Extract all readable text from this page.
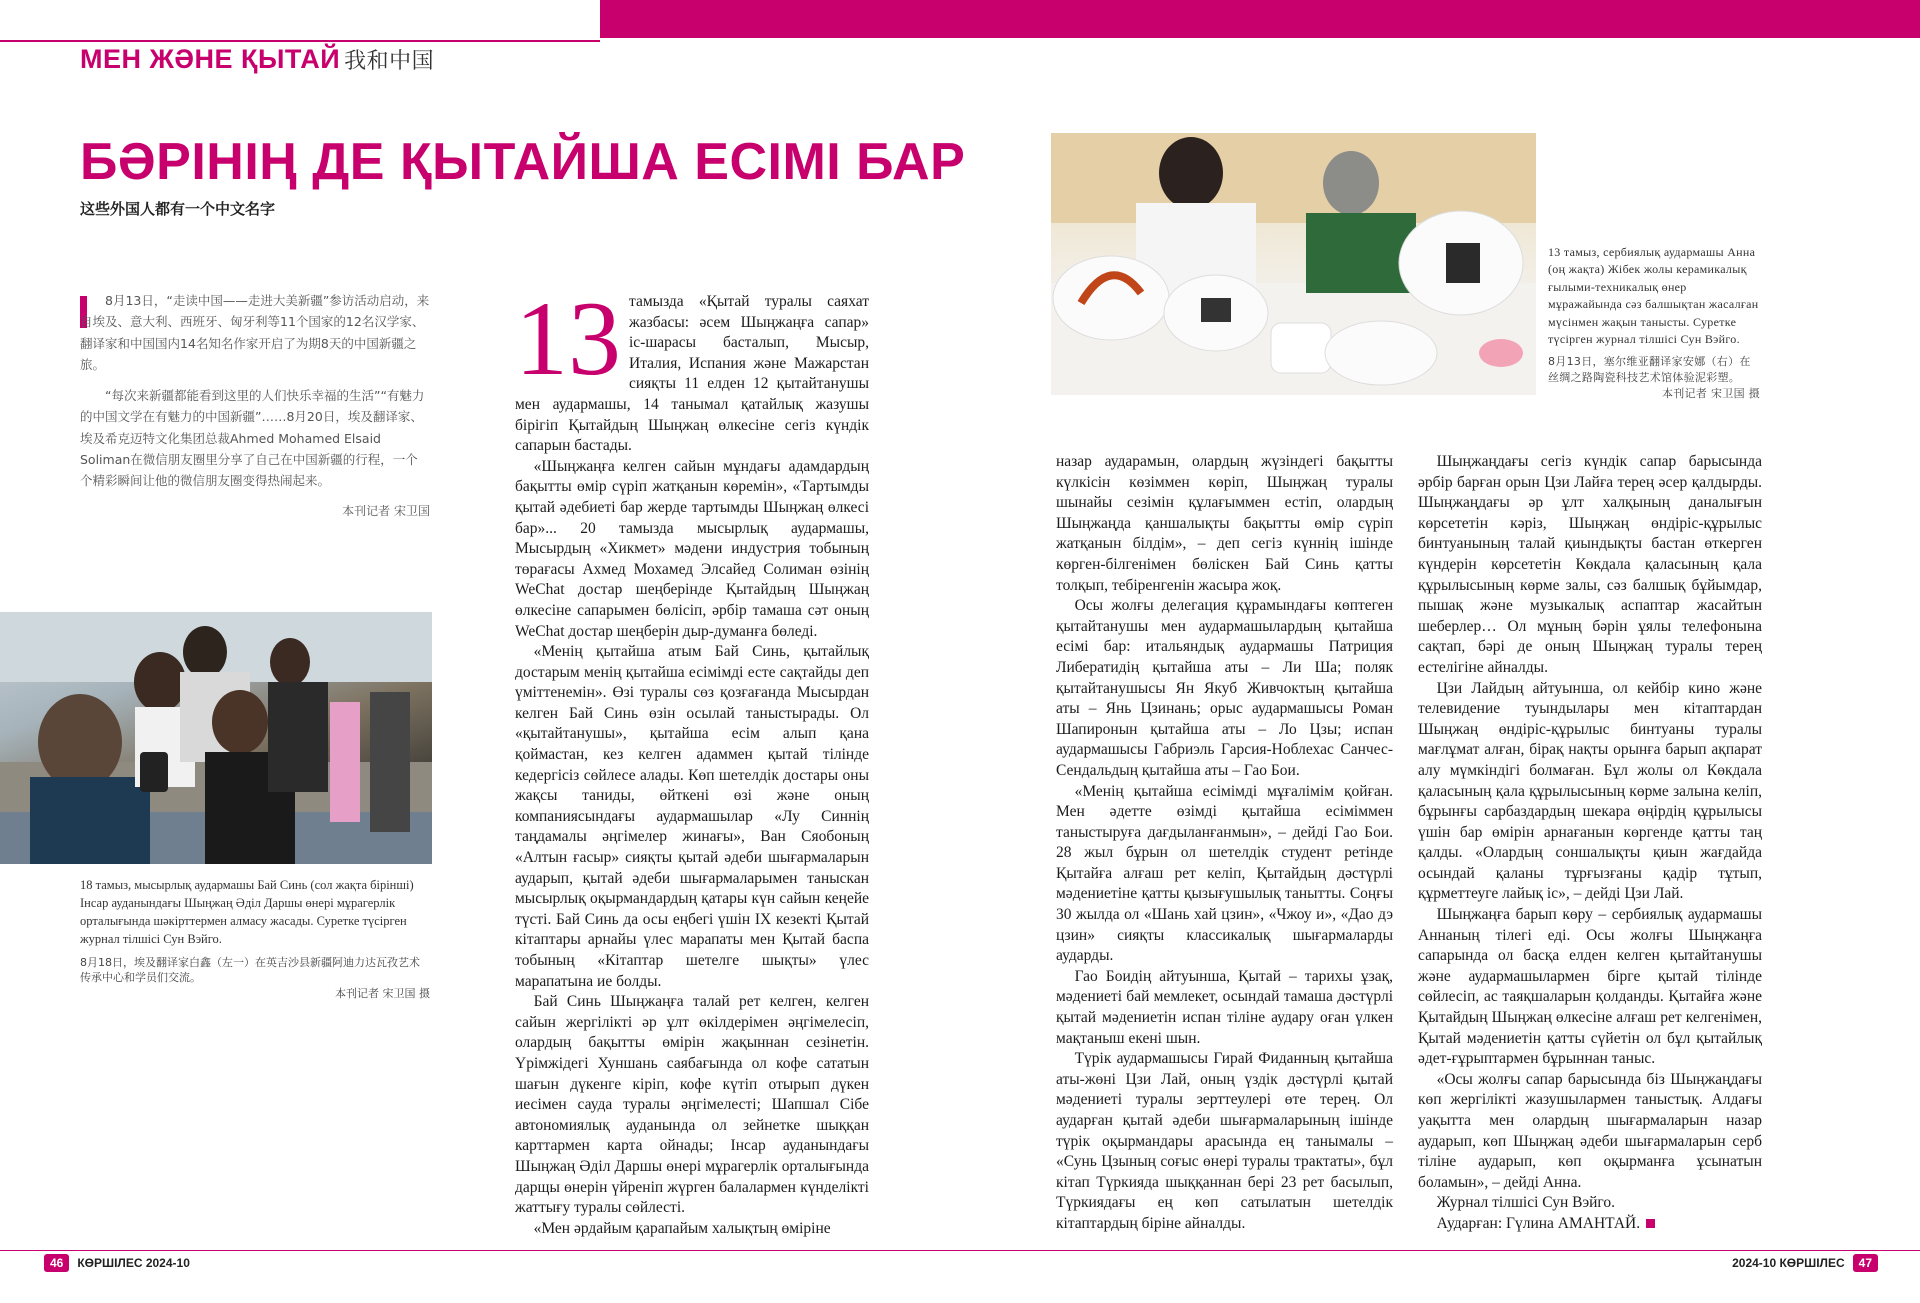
МЕН ЖӘНЕ ҚЫТАЙ 我和中国
БӘРІНІҢ ДЕ ҚЫТАЙША ЕСІМІ БАР
这些外国人都有一个中文名字

8月13日，“走读中国——走进大美新疆”参访活动启动，来自埃及、意大利、西班牙、匈牙利等11个国家的12名汉学家、翻译家和中国国内14名知名作家开启了为期8天的中国新疆之旅。

“每次来新疆都能看到这里的人们快乐幸福的生活”“有魅力的中国文学在有魅力的中国新疆”……8月20日，埃及翻译家、埃及希克迈特文化集团总裁Ahmed Mohamed Elsaid Soliman在微信朋友圈里分享了自己在中国新疆的行程，一个个精彩瞬间让他的微信朋友圈变得热闹起来。

本刊记者 宋卫国
18 тамыз, мысырлық аудармашы Бай Синь (сол жақта біріншi) Інсар ауданындағы Шыңжаң Әділ Даршы өнері мұрагерлік орталығында шәкірттермен алмасу жасады. Суретке түсірген журнал тілшісі Сун Вэйго.
8月18日，埃及翻译家白鑫（左一）在英吉沙县新疆阿迪力达瓦孜艺术传承中心和学员们交流。
本刊记者 宋卫国 摄
13 тамыз, сербиялық аудармашы Анна (оң жақта) Жібек жолы керамикалық ғылыми-техникалық өнер мұражайында сәз балшықтан жасалған мүсінмен жақын танысты. Суретке түсірген журнал тілшісі Сун Вэйго.
8月13日，塞尔维亚翻译家安娜（右）在丝绸之路陶瓷科技艺术馆体验泥彩塑。
本刊记者 宋卫国 摄
13 тамызда «Қытай туралы саяхат жазбасы: әсем Шыңжаңға сапар» іс-шарасы басталып, Мысыр, Италия, Испания және Мажарстан сияқты 11 елден 12 қытайтанушы мен аудармашы, 14 танымал қатайлық жазушы бірігіп Қытайдың Шыңжаң өлкесіне сегіз күндік сапарын бастады.

«Шыңжаңға келген сайын мұндағы адамдардың бақытты өмір сүріп жатқанын көремін», «Тартымды қытай әдебиеті бар жерде тартымды Шыңжаң өлкесі бар»... 20 тамызда мысырлық аудармашы, Мысырдың «Хикмет» мәдени индустрия тобының төрағасы Ахмед Мохамед Элсайед Солиман өзінің WeChat достар шеңберінде Қытайдың Шыңжаң өлкесіне сапарымен бөлісіп, әрбір тамаша сәт оның WeChat достар шеңберін дыр-думанға бөледі.

«Менің қытайша атым Бай Синь, қытайлық достарым менің қытайша есімімді есте сақтайды деп үміттенемін». Өзі туралы сөз қозғағанда Мысырдан келген Бай Синь өзін осылай таныстырады. Ол «қытайтанушы», қытайша есім алып қана қоймастан, кез келген адаммен қытай тілінде кедергісіз сөйлесе алады. Көп шетелдік достары оны жақсы таниды, өйткені өзі және оның компаниясындағы аудармашылар «Лу Синнің таңдамалы әңгімелер жинағы», Ван Сяобоның «Алтын ғасыр» сияқты қытай әдеби шығармаларын аударып, қытай әдеби шығармаларымен таныскан мысырлық оқырмандардың қатары күн сайын кеңейе түсті. Бай Синь да осы еңбегі үшін IX кезекті Қытай кітаптары арнайы үлес марапаты мен Қытай баспа тобының «Кітаптар шетелге шықты» үлес марапатына ие болды.

Бай Синь Шыңжаңға талай рет келген, келген сайын жергілікті әр ұлт өкілдерімен әңгімелесіп, олардың бақытты өмірін жақыннан сезінетін. Үрімжідегі Хуншань саябағында ол кофе сататын шағын дүкенге кіріп, кофе күтіп отырып дүкен иесімен сауда туралы әңгімелесті; Шапшал Сібе автономиялық ауданында ол зейнетке шыққан карттармен карта ойнады; Інсар ауданындағы Шыңжаң Әділ Даршы өнері мұрагерлік орталығында дарщы өнерін үйреніп жүрген балалармен күнделікті жаттығу туралы сөйлесті.

«Мен әрдайым қарапайым халықтың өміріне

назар аударамын, олардың жүзіндегі бақытты күлкісін көзіммен көріп, Шыңжаң туралы шынайы сезімін құлағыммен естіп, олардың Шыңжаңда қаншалықты бақытты өмір сүріп жатқанын білдім», – деп сегіз күннің ішінде көрген-білгенімен бөліскен Бай Синь қатты толқып, тебіренгенін жасыра жоқ.

Осы жолғы делегация құрамындағы көптеген қытайтанушы мен аудармашылардың қытайша есімі бар: итальяндық аудармашы Патриция Либератидің қытайша аты – Ли Ша; поляк қытайтанушысы Ян Якуб Живчоктың қытайша аты – Янь Цзинань; орыс аудармашысы Роман Шапиронын қытайша аты – Ло Цзы; испан аудармашысы Габриэль Гарсия-Ноблехас Санчес-Сендальдың қытайша аты – Гао Бои.

«Менің қытайша есімімді мұғалімім қойған. Мен әдетте өзімді қытайша есіміммен таныстыруға дағдыланғанмын», – дейді Гао Бои. 28 жыл бұрын ол шетелдік студент ретінде Қытайға алғаш рет келіп, Қытайдың дәстүрлі мәдениетіне қатты қызығушылық танытты. Соңғы 30 жылда ол «Шань хай цзин», «Чжоу и», «Дао дэ цзин» сияқты классикалық шығармаларды аударды.

Гао Боидің айтуынша, Қытай – тарихы ұзақ, мәдениеті бай мемлекет, осындай тамаша дәстүрлі қытай мәдениетін испан тіліне аудару оған үлкен мақтаныш екені шын.

Түрік аудармашысы Гирай Фиданның қытайша аты-жөні Цзи Лай, оның үздік дәстүрлі қытай мәдениеті туралы зерттеулері өте терең. Ол аударған қытай әдеби шығармаларының ішінде түрік оқырмандары арасында ең танымалы – «Сунь Цзының соғыс өнері туралы трактаты», бұл кітап Түркияда шыққаннан бері 23 рет басылып, Түркиядағы ең көп сатылатын шетелдік кітаптардың біріне айналды.

Шыңжаңдағы сегіз күндік сапар барысында әрбір барған орын Цзи Лайға терең әсер қалдырды. Шыңжаңдағы әр ұлт халқының даналығын көрсететін кәріз, Шыңжаң өндіріс-құрылыс бинтуанының талай қиындықты бастан өткерген күндерін көрсететін Көкдала қаласының қала құрылысының көрме залы, сәз балшық бұйымдар, пышақ және музыкалық аспаптар жасайтын шеберлер… Ол мұның бәрін ұялы телефонына сақтап, бәрі де оның Шыңжаң туралы терең естелігіне айналды.

Цзи Лайдың айтуынша, ол кейбір кино және телевидение туындылары мен кітаптардан Шыңжаң өндіріс-құрылыс бинтуаны туралы мағлұмат алған, бірақ нақты орынға барып ақпарат алу мүмкіндігі болмаған. Бұл жолы ол Көкдала қаласының қала құрылысының көрме залына келіп, бұрынғы сарбаздардың шекара өңірдің құрылысы үшін бар өмірін арнағанын көргенде қатты таң қалды. «Олардың соншалықты қиын жағдайда осындай қаланы тұрғызғаны қадір тұтып, құрметтеуге лайық іс», – дейді Цзи Лай.

Шыңжаңға барып көру – сербиялық аудармашы Аннаның тілегі еді. Осы жолғы Шыңжаңға сапарында ол басқа елден келген қытайтанушы және аудармашылармен бірге қытай тілінде сөйлесіп, ас таяқшаларын қолданды. Қытайға және Қытайдың Шыңжаң өлкесіне алғаш рет келгенімен, Қытай мәдениетін қатты сүйетін ол бұл қытайлық әдет-ғұрыптармен бұрыннан таныс.

«Осы жолғы сапар барысында біз Шыңжаңдағы көп жергілікті жазушылармен таныстық. Алдағы уақытта мен олардың шығармаларын назар аударып, көп Шыңжаң әдеби шығармаларын серб тіліне аударып, көп оқырманға ұсынатын боламын», – дейді Анна.

Журнал тілшісі Сун Вэйго.

Аударған: Гүлина АМАНТАЙ.

46	КӨРШІЛЕС 2024-10	2024-10 КӨРШІЛЕС	47
